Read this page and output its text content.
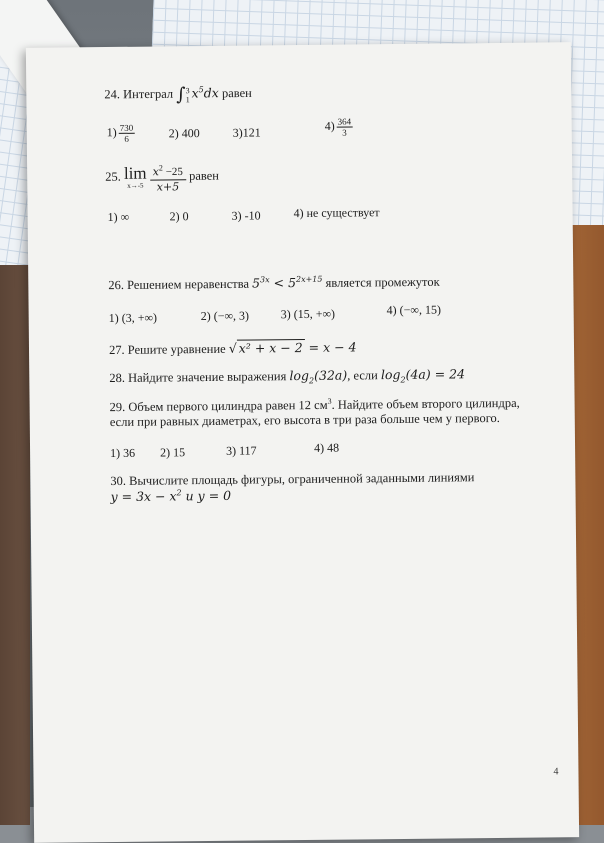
24. Интеграл ∫ 3
1 $x^5dx$ равен
$1) \frac{730}{6}$	2) 400	3)121	$4) \frac{364}{3}$
25. lim
x→-5
$\frac{x^2 -25}{x+5}$ равен
1) ∞	2) 0	3) -10	4) не существует
26. Решением неравенства $5^{3x} < 5^{2x+15}$ является промежуток
1) (3, +∞)	2) (−∞, 3)	3) (15, +∞)	4) (−∞, 15)
27. Решите уравнение √ x² + x − 2 = x − 4
28. Найдите значение выражения $\log_2(32a)$, если $\log_2(4a) = 24$
29. Объем первого цилиндра равен 12 $см^3$. Найдите объем второго цилиндра,
если при равных диаметрах, его высота в три раза больше чем у первого.
1) 36 2) 15	3) 117	4) 48
30. Вычислите площадь фигуры, ограниченной заданными линиями
$y = 3x - x^2$ и y = 0
4
